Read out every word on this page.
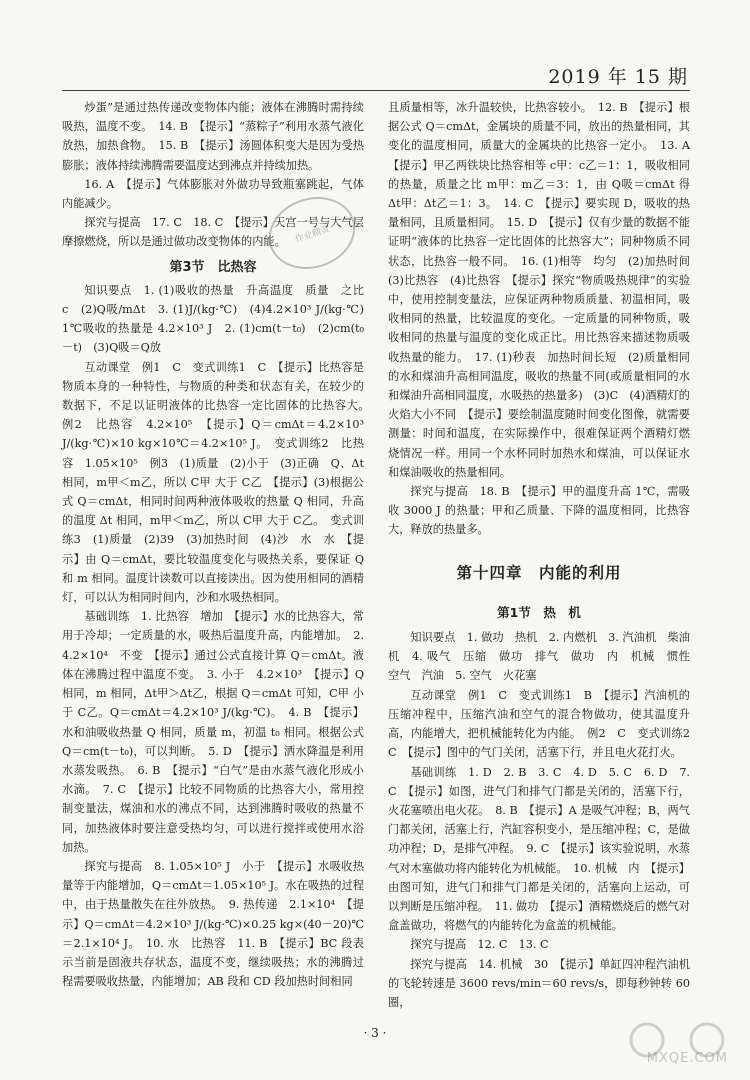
2019 年 15 期

炒蛋”是通过热传递改变物体内能；液体在沸腾时需持续吸热，温度不变。　14. B　【提示】“蒸粽子”利用水蒸气液化放热，加热食物。　15. B　【提示】汤圆体积变大是因为受热膨胀；液体持续沸腾需要温度达到沸点并持续加热。

16. A　【提示】气体膨胀对外做功导致瓶塞跳起，气体内能减少。

探究与提高　17. C　18. C　【提示】天宫一号与大气层摩擦燃烧，所以是通过做功改变物体的内能。

第3节　比热容

知识要点　1. (1)吸收的热量　升高温度　质量　之比　c　(2)Q吸/mΔt　3. (1)J/(kg·℃)　(4)4.2×10³ J/(kg·℃)　1℃吸收的热量是 4.2×10³ J　2. (1)cm(t－t₀)　(2)cm(t₀－t)　(3)Q吸＝Q放

互动课堂　例1　C　变式训练1　C　【提示】比热容是物质本身的一种特性，与物质的种类和状态有关，在较少的数据下，不足以证明液体的比热容一定比固体的比热容大。　例2　比热容　4.2×10⁵　【提示】Q＝cmΔt＝4.2×10³ J/(kg·℃)×10 kg×10℃＝4.2×10⁵ J。　变式训练2　比热容　1.05×10⁵　例3　(1)质量　(2)小于　(3)正确　Q、Δt 相同，m甲＜m乙，所以 C甲 大于 C乙　【提示】(3)根据公式 Q＝cmΔt，相同时间两种液体吸收的热量 Q 相同，升高的温度 Δt 相同，m甲＜m乙，所以 C甲 大于 C乙。　变式训练3　(1)质量　(2)39　(3)加热时间　(4)沙　水　水　【提示】由 Q＝cmΔt，要比较温度变化与吸热关系，要保证 Q 和 m 相同。温度计读数可以直接读出。因为使用相同的酒精灯，可以认为相同时间内，沙和水吸热相同。

基础训练　1. 比热容　增加　【提示】水的比热容大，常用于冷却；一定质量的水，吸热后温度升高，内能增加。　2. 4.2×10⁴　不变　【提示】通过公式直接计算 Q＝cmΔt。液体在沸腾过程中温度不变。　3. 小于　4.2×10³　【提示】Q 相同，m 相同，Δt甲＞Δt乙，根据 Q＝cmΔt 可知，C甲 小于 C乙。Q＝cmΔt＝4.2×10³ J/(kg·℃)。　4. B　【提示】水和油吸收热量 Q 相同，质量 m，初温 t₀ 相同。根据公式 Q＝cm(t－t₀)，可以判断。　5. D　【提示】洒水降温是利用水蒸发吸热。　6. B　【提示】“白气”是由水蒸气液化形成小水滴。　7. C　【提示】比较不同物质的比热容大小，常用控制变量法，煤油和水的沸点不同，达到沸腾时吸收的热量不同，加热液体时要注意受热均匀，可以进行搅拌或使用水浴加热。

探究与提高　8. 1.05×10⁵ J　小于　【提示】水吸收热量等于内能增加，Q＝cmΔt＝1.05×10⁵ J。水在吸热的过程中，由于热量散失在往外放热。　9. 热传递　2.1×10⁴　【提示】Q＝cmΔt＝4.2×10³ J/(kg·℃)×0.25 kg×(40－20)℃＝2.1×10⁴ J。　10. 水　比热容　11. B　【提示】BC 段表示当前是固液共存状态，温度不变，继续吸热；水的沸腾过程需要吸收热量，内能增加；AB 段和 CD 段加热时间相同

且质量相等，冰升温较快，比热容较小。　12. B　【提示】根据公式 Q＝cmΔt，金属块的质量不同，放出的热量相同，其变化的温度相同，质量大的金属块的比热容一定小。　13. A　【提示】甲乙两铁块比热容相等 c甲：c乙＝1：1，吸收相同的热量，质量之比 m甲：m乙＝3：1，由 Q吸＝cmΔt 得 Δt甲：Δt乙＝1：3。　14. C　【提示】要实现 D，吸收的热量相同，且质量相同。　15. D　【提示】仅有少量的数据不能证明“液体的比热容一定比固体的比热容大”；同种物质不同状态，比热容一般不同。　16. (1)相等　均匀　(2)加热时间　(3)比热容　(4)比热容　【提示】探究“物质吸热规律”的实验中，使用控制变量法，应保证两种物质质量、初温相同，吸收相同的热量，比较温度的变化。一定质量的同种物质，吸收相同的热量与温度的变化成正比。用比热容来描述物质吸收热量的能力。　17. (1)秒表　加热时间长短　(2)质量相同的水和煤油升高相同温度，吸收的热量不同(或质量相同的水和煤油升高相同温度，水吸热的热量多)　(3)C　(4)酒精灯的火焰大小不同　【提示】要绘制温度随时间变化图像，就需要测量：时间和温度，在实际操作中，很难保证两个酒精灯燃烧情况一样。用同一个水杯同时加热水和煤油，可以保证水和煤油吸收的热量相同。

探究与提高　18. B　【提示】甲的温度升高 1℃，需吸收 3000 J 的热量；甲和乙质量、下降的温度相同，比热容大，释放的热量多。

第十四章　内能的利用
第1节　热　机

知识要点　1. 做功　热机　2. 内燃机　3. 汽油机　柴油机　4. 吸气　压缩　做功　排气　做功　内　机械　惯性　空气　汽油　5. 空气　火花塞

互动课堂　例1　C　变式训练1　B　【提示】汽油机的压缩冲程中，压缩汽油和空气的混合物做功，使其温度升高，内能增大，把机械能转化为内能。　例2　C　变式训练2　C　【提示】图中的气门关闭，活塞下行，并且电火花打火。

基础训练　1. D　2. B　3. C　4. D　5. C　6. D　7. C　【提示】如图，进气门和排气门都是关闭的，活塞下行，火花塞喷出电火花。　8. B　【提示】A 是吸气冲程；B，两气门都关闭，活塞上行，汽缸容积变小，是压缩冲程；C，是做功冲程；D，是排气冲程。　9. C　【提示】该实验说明，水蒸气对木塞做功将内能转化为机械能。　10. 机械　内　【提示】由图可知，进气门和排气门都是关闭的，活塞向上运动，可以判断是压缩冲程。　11. 做功　【提示】酒精燃烧后的燃气对盒盖做功，将燃气的内能转化为盒盖的机械能。

探究与提高　12. C　13. C

探究与提高　14. 机械　30　【提示】单缸四冲程汽油机的飞轮转速是 3600 revs/min＝60 revs/s，即每秒钟转 60 圈，

作业精灵
MXQE.COM
· 3 ·
